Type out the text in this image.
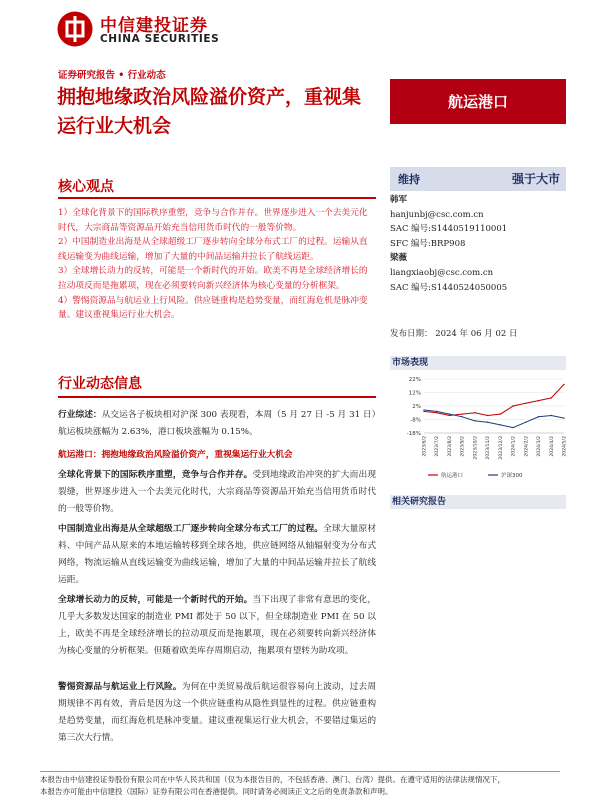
中信建投证券
CHINA SECURITIES
证券研究报告 • 行业动态
拥抱地缘政治风险溢价资产，重视集运行业大机会
航运港口
核心观点

1）全球化背景下的国际秩序重塑，竞争与合作并存。世界逐步进入一个去美元化时代，大宗商品等资源品开始充当信用货币时代的一般等价物。

2）中国制造业出海是从全球超级工厂逐步转向全球分布式工厂的过程。运输从直线运输变为曲线运输，增加了大量的中间品运输并拉长了航线运距。

3）全球增长动力的反转，可能是一个新时代的开始。欧美不再是全球经济增长的拉动项反而是拖累项，现在必须要转向新兴经济体为核心变量的分析框架。

4）警惕资源品与航运业上行风险。供应链重构是趋势变量，而红海危机是脉冲变量。建议重视集运行业大机会。

行业动态信息
行业综述：从交运各子板块相对沪深 300 表现看，本周（5 月 27 日 -5 月 31 日）航运板块涨幅为 2.63%，港口板块涨幅为 0.15%。
航运港口：拥抱地缘政治风险溢价资产，重视集运行业大机会
全球化背景下的国际秩序重塑，竞争与合作并存。受到地缘政治冲突的扩大而出现裂缝，世界逐步进入一个去美元化时代，大宗商品等资源品开始充当信用货币时代的一般等价物。
中国制造业出海是从全球超级工厂逐步转向全球分布式工厂的过程。全球大量原材料、中间产品从原来的本地运输转移到全球各地，供应链网络从轴辐射变为分布式网络，物流运输从直线运输变为曲线运输，增加了大量的中间品运输并拉长了航线运距。
全球增长动力的反转，可能是一个新时代的开始。当下出现了非常有意思的变化，几乎大多数发达国家的制造业 PMI 都处于 50 以下，但全球制造业 PMI 在 50 以上，欧美不再是全球经济增长的拉动项反而是拖累项，现在必须要转向新兴经济体为核心变量的分析框架。但随着欧美库存周期启动，拖累项有望转为助攻项。
警惕资源品与航运业上行风险。为何在中美贸易战后航运很容易向上波动，过去周期规律不再有效，背后是因为这一个供应链重构从隐性到显性的过程。供应链重构是趋势变量，而红海危机是脉冲变量。建议重视集运行业大机会，不要错过集运的第三次大行情。
维持	强于大市
韩军
hanjunbj@csc.com.cn
SAC 编号:S1440519110001
SFC 编号:BRP908
梁薇
liangxiaobj@csc.com.cn
SAC 编号:S1440524050005
发布日期： 2024 年 06 月 02 日
市场表现
22%
12%
2%
-8%
-18%
2023/6/2 2023/7/2 2023/8/2 2023/9/2 2023/10/2 2023/11/2 2023/12/2 2024/1/2 2024/2/2 2024/3/2 2024/4/2 2024/5/2
航运港口	沪深300
相关研究报告
本报告由中信建投证券股份有限公司在中华人民共和国（仅为本报告目的，不包括香港、澳门、台湾）提供。在遵守适用的法律法规情况下，
本报告亦可能由中信建投（国际）证券有限公司在香港提供。同时请务必阅读正文之后的免责条款和声明。
